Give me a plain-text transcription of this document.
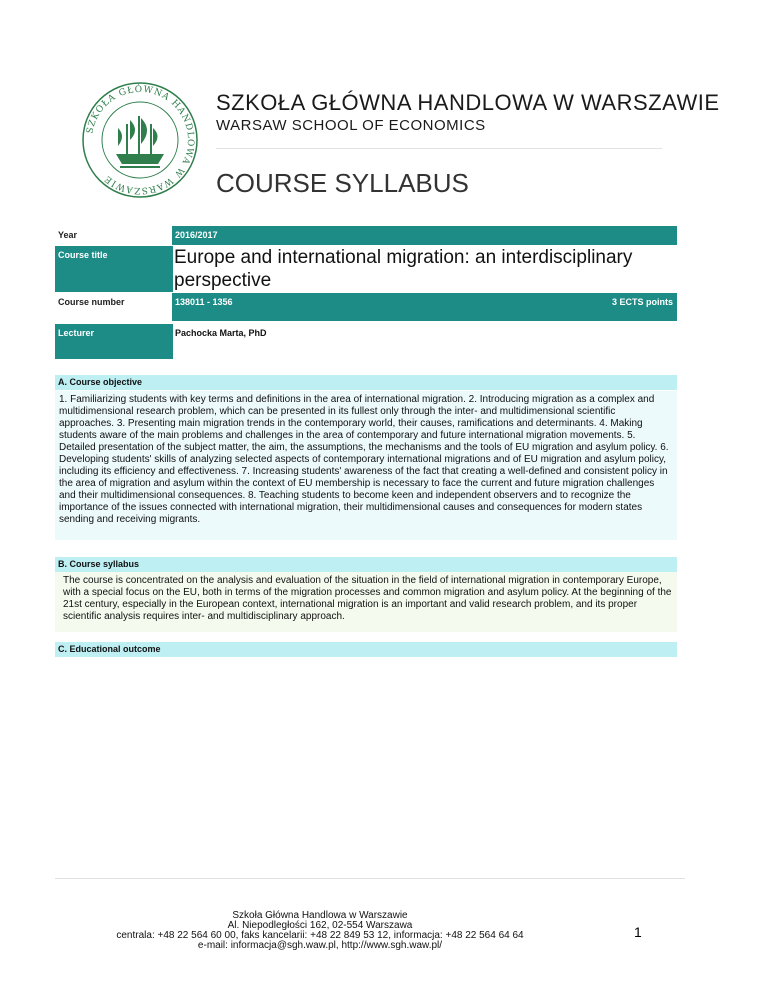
SZKOŁA GŁÓWNA HANDLOWA W WARSZAWIE
SZKOŁA GŁÓWNA HANDLOWA W WARSZAWIE
WARSAW SCHOOL OF ECONOMICS
COURSE SYLLABUS
Year	2016/2017
Course title	Europe and international migration: an interdisciplinary perspective
Course number	138011 - 1356	3 ECTS points
Lecturer	Pachocka Marta, PhD
A. Course objective

1. Familiarizing students with key terms and definitions in the area of international migration. 2. Introducing migration as a complex and multidimensional research problem, which can be presented in its fullest only through the inter- and multidimensional scientific approaches. 3. Presenting main migration trends in the contemporary world, their causes, ramifications and determinants. 4. Making students aware of the main problems and challenges in the area of contemporary and future international migration movements. 5. Detailed presentation of the subject matter, the aim, the assumptions, the mechanisms and the tools of EU migration and asylum policy. 6. Developing students' skills of analyzing selected aspects of contemporary international migrations and of EU migration and asylum policy, including its efficiency and effectiveness. 7. Increasing students' awareness of the fact that creating a well-defined and consistent policy in the area of migration and asylum within the context of EU membership is necessary to face the current and future migration challenges and their multidimensional consequences. 8. Teaching students to become keen and independent observers and to recognize the importance of the issues connected with international migration, their multidimensional causes and consequences for modern states sending and receiving migrants.

B. Course syllabus

The course is concentrated on the analysis and evaluation of the situation in the field of international migration in contemporary Europe, with a special focus on the EU, both in terms of the migration processes and common migration and asylum policy. At the beginning of the 21st century, especially in the European context, international migration is an important and valid research problem, and its proper scientific analysis requires inter- and multidisciplinary approach.

C. Educational outcome
Szkoła Główna Handlowa w Warszawie
Al. Niepodległości 162, 02-554 Warszawa
centrala: +48 22 564 60 00, faks kancelarii: +48 22 849 53 12, informacja: +48 22 564 64 64
e-mail: informacja@sgh.waw.pl, http://www.sgh.waw.pl/
1
